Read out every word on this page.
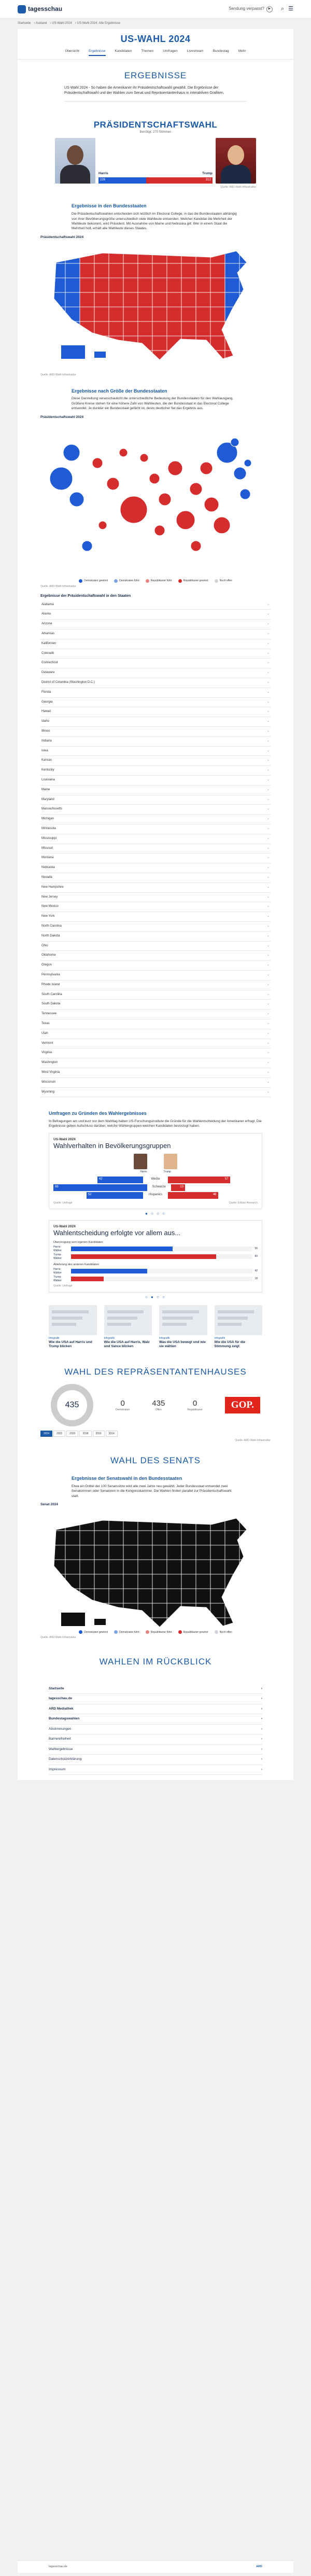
tagesschau	Sendung verpasst?	▶	⌕ ☰
Startseite › Ausland › US-Wahl 2024 › US-Wahl 2024: Alle Ergebnisse
US-WAHL 2024
Übersicht	Ergebnisse	Kandidaten	Themen	Umfragen	Livestream	Bundestag	Mehr
ERGEBNISSE

US-Wahl 2024 - So haben die Amerikaner ihr Präsidentschaftswahl gewählt. Die Ergebnisse der Präsidentschaftswahl und der Wahlen zum Senat und Repräsentantenhaus in interaktiven Grafiken.

PRÄSIDENTSCHAFTSWAHL
Benötigt: 270 Stimmen
Harris	Trump
226	312
Quelle: ARD-Wahl-Infrastruktur
Ergebnisse in den Bundesstaaten

Die Präsidentschaftswahlen entscheiden sich letztlich im Electoral College, in das die Bundesstaaten abhängig von ihrer Bevölkerungsgröße unterschiedlich viele Wahlleute entsenden. Welcher Kandidat die Mehrheit der Wahlleute bekommt, wird Präsident. Mit Ausnahme von Maine und Nebraska gilt: Wer in einem Staat die Mehrheit holt, erhält alle Wahlleute dieses Staates.

Präsidentschaftswahl 2024
Quelle: ARD-Wahl-Infrastruktur
Ergebnisse nach Größe der Bundesstaaten

Diese Darstellung veranschaulicht die unterschiedliche Bedeutung der Bundesstaaten für den Wahlausgang. Größere Kreise stehen für eine höhere Zahl von Wahlleuten, die der Bundesstaat in das Electoral College entsendet. Je dunkler ein Bundesstaat gefärbt ist, desto deutlicher fiel das Ergebnis aus.

Präsidentschaftswahl 2024
Demokraten gewinnt	Demokraten führt	Republikaner führt	Republikaner gewinnt	Noch offen
Quelle: ARD-Wahl-Infrastruktur
Ergebnisse der Präsidentschaftswahl in den Staaten
Alabama	⌄
Alaska	⌄
Arizona	⌄
Arkansas	⌄
Kalifornien	⌄
Colorado	⌄
Connecticut	⌄
Delaware	⌄
District of Columbia (Washington D.C.)	⌄
Florida	⌄
Georgia	⌄
Hawaii	⌄
Idaho	⌄
Illinois	⌄
Indiana	⌄
Iowa	⌄
Kansas	⌄
Kentucky	⌄
Louisiana	⌄
Maine	⌄
Maryland	⌄
Massachusetts	⌄
Michigan	⌄
Minnesota	⌄
Mississippi	⌄
Missouri	⌄
Montana	⌄
Nebraska	⌄
Nevada	⌄
New Hampshire	⌄
New Jersey	⌄
New Mexico	⌄
New York	⌄
North Carolina	⌄
North Dakota	⌄
Ohio	⌄
Oklahoma	⌄
Oregon	⌄
Pennsylvania	⌄
Rhode Island	⌄
South Carolina	⌄
South Dakota	⌄
Tennessee	⌄
Texas	⌄
Utah	⌄
Vermont	⌄
Virginia	⌄
Washington	⌄
West Virginia	⌄
Wisconsin	⌄
Wyoming	⌄
Umfragen zu Gründen des Wahlergebnisses

In Befragungen am und kurz vor dem Wahltag haben US-Forschungsinstitute die Gründe für die Wahlentscheidung der Amerikaner erfragt. Die Ergebnisse geben Aufschluss darüber, welche Wählergruppen welchen Kandidaten bevorzugt haben.

US-Wahl 2024
Wahlverhalten in Bevölkerungsgruppen
Harris	Trump
42	Weiße	57
86	Schwarze	13
52	Hispanics	46
Quelle: Umfrage	Quelle: Edison Research
● ○ ○ ○
US-Wahl 2024
Wahlentscheidung erfolgte vor allem aus...
Überzeugung vom eigenen Kandidaten
Harris-Wähler
56
Trump-Wähler
80
Ablehnung des anderen Kandidaten
Harris-Wähler
42
Trump-Wähler
18
Quelle: Umfrage
○ ● ○ ○
Infografik
Wie die USA auf Harris und Trump blicken
Infografik
Wie die USA auf Harris, Walz und Vance blicken
Infografik
Was die USA bewegt und wie sie wählen
Infografik
Wie die USA für die Stimmung zeigt
WAHL DES REPRÄSENTANTENHAUSES
435	0
Demokraten
435
Offen
0
Republikaner	GOP.
2024	2022	2020	2018	2016	2014
Quelle: ARD-Wahl-Infrastruktur
WAHL DES SENATS
Ergebnisse der Senatswahl in den Bundesstaaten

Etwa ein Drittel der 100 Senatssitze wird alle zwei Jahre neu gewählt. Jeder Bundesstaat entsendet zwei Senatorinnen oder Senatoren in die Kongresskammer. Die Wahlen finden parallel zur Präsidentschaftswahl statt.

Senat 2024
Demokraten gewinnt	Demokraten führt	Republikaner führt	Republikaner gewinnt	Noch offen
Quelle: ARD-Wahl-Infrastruktur
WAHLEN IM RÜCKBLICK
Startseite	›
tagesschau.de	›
ARD Mediathek	›
Bundestagswahlen	›
Abstimmungen	›
Barrierefreiheit	›
Wahlergebnisse	›
Datenschutzerklärung	›
Impressum	›
tagesschau.de	ARD
